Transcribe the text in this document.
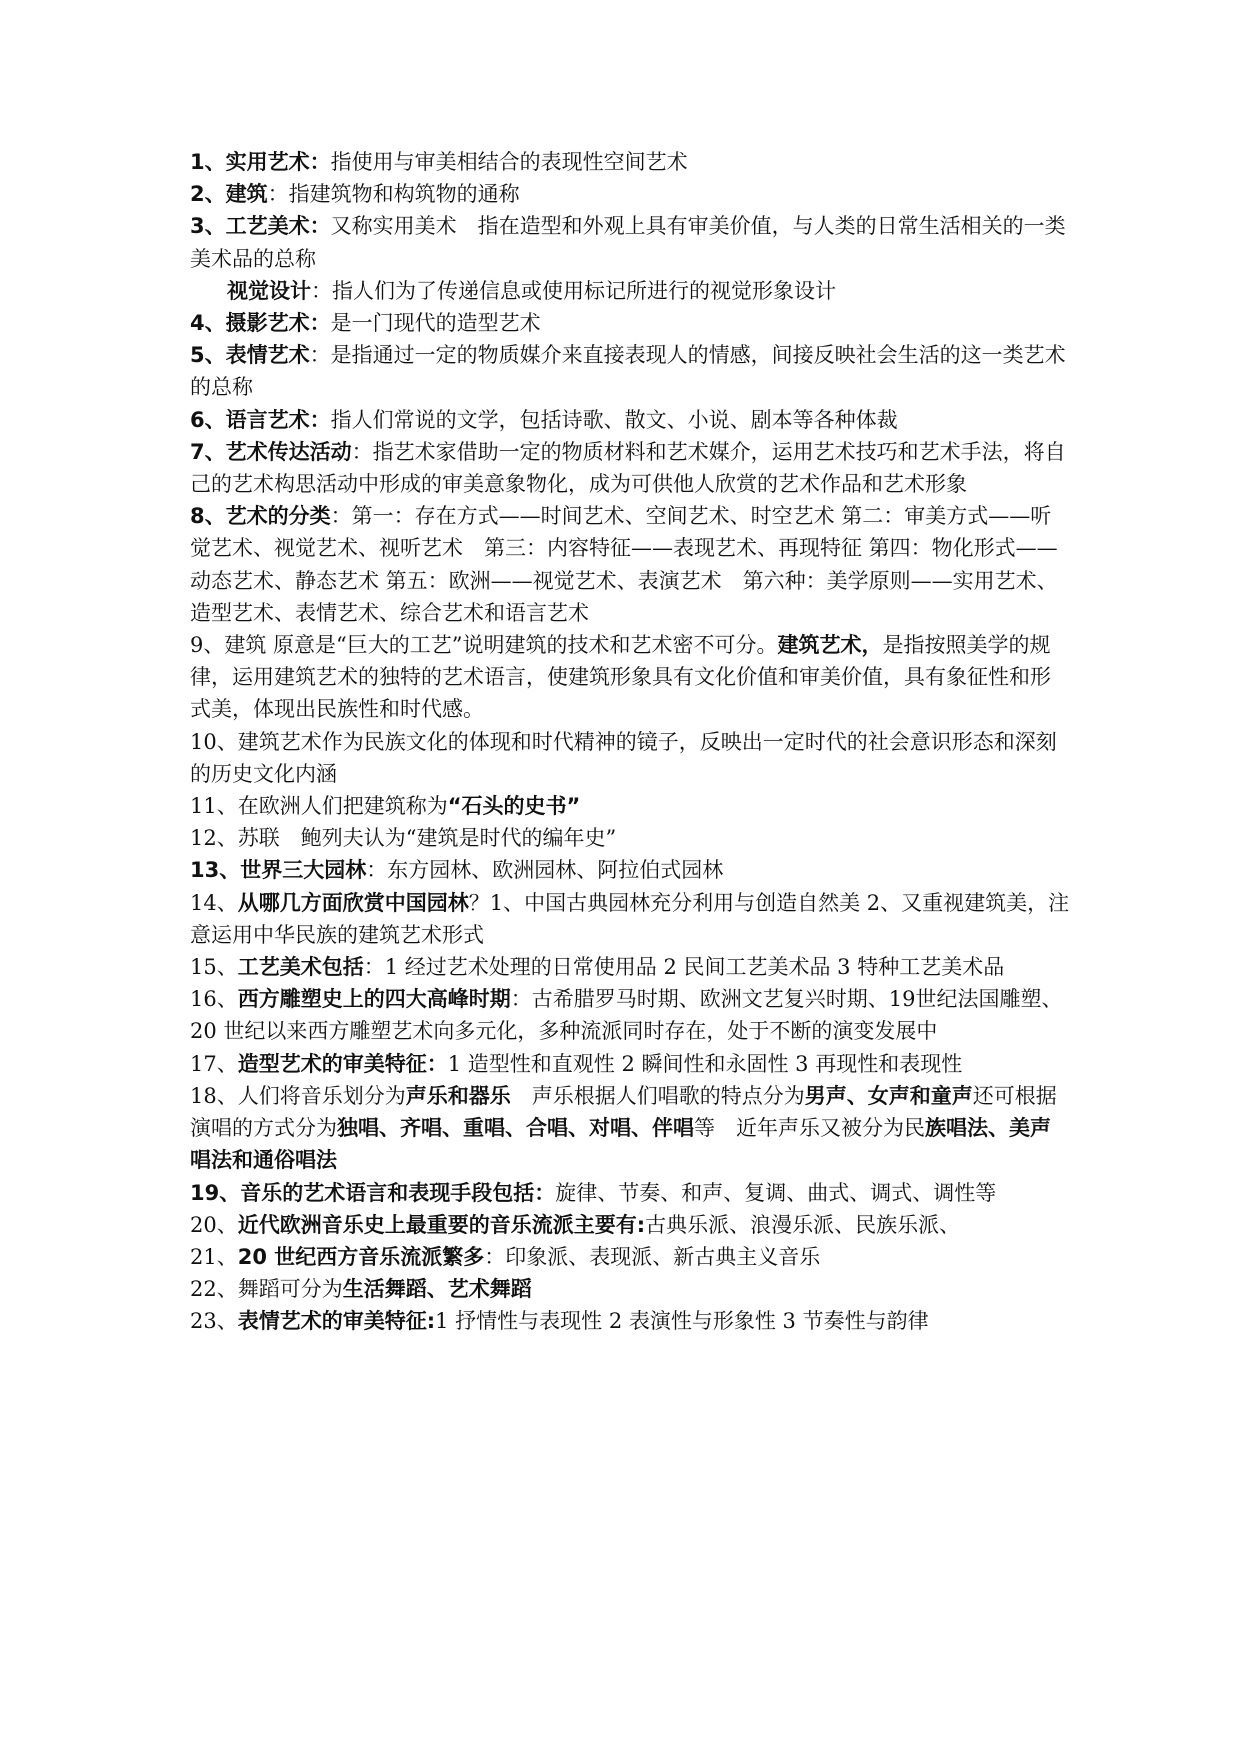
1、实用艺术：指使用与审美相结合的表现性空间艺术

2、建筑：指建筑物和构筑物的通称

3、工艺美术：又称实用美术　指在造型和外观上具有审美价值，与人类的日常生活相关的一类美术品的总称

视觉设计：指人们为了传递信息或使用标记所进行的视觉形象设计

4、摄影艺术：是一门现代的造型艺术

5、表情艺术：是指通过一定的物质媒介来直接表现人的情感，间接反映社会生活的这一类艺术的总称

6、语言艺术：指人们常说的文学，包括诗歌、散文、小说、剧本等各种体裁

7、艺术传达活动：指艺术家借助一定的物质材料和艺术媒介，运用艺术技巧和艺术手法，将自己的艺术构思活动中形成的审美意象物化，成为可供他人欣赏的艺术作品和艺术形象

8、艺术的分类：第一：存在方式——时间艺术、空间艺术、时空艺术 第二：审美方式——听觉艺术、视觉艺术、视听艺术　第三：内容特征——表现艺术、再现特征 第四：物化形式——动态艺术、静态艺术 第五：欧洲——视觉艺术、表演艺术　第六种：美学原则——实用艺术、造型艺术、表情艺术、综合艺术和语言艺术

9、建筑 原意是“巨大的工艺”说明建筑的技术和艺术密不可分。建筑艺术，是指按照美学的规律，运用建筑艺术的独特的艺术语言，使建筑形象具有文化价值和审美价值，具有象征性和形式美，体现出民族性和时代感。

10、建筑艺术作为民族文化的体现和时代精神的镜子，反映出一定时代的社会意识形态和深刻的历史文化内涵

11、在欧洲人们把建筑称为“石头的史书”

12、苏联　鲍列夫认为“建筑是时代的编年史”

13、世界三大园林：东方园林、欧洲园林、阿拉伯式园林

14、从哪几方面欣赏中国园林？1、中国古典园林充分利用与创造自然美 2、又重视建筑美，注意运用中华民族的建筑艺术形式

15、工艺美术包括：1 经过艺术处理的日常使用品 2 民间工艺美术品 3 特种工艺美术品

16、西方雕塑史上的四大高峰时期：古希腊罗马时期、欧洲文艺复兴时期、19世纪法国雕塑、20 世纪以来西方雕塑艺术向多元化，多种流派同时存在，处于不断的演变发展中

17、造型艺术的审美特征：1 造型性和直观性 2 瞬间性和永固性 3 再现性和表现性

18、人们将音乐划分为声乐和器乐　声乐根据人们唱歌的特点分为男声、女声和童声还可根据演唱的方式分为独唱、齐唱、重唱、合唱、对唱、伴唱等　近年声乐又被分为民族唱法、美声唱法和通俗唱法

19、音乐的艺术语言和表现手段包括：旋律、节奏、和声、复调、曲式、调式、调性等

20、近代欧洲音乐史上最重要的音乐流派主要有:古典乐派、浪漫乐派、民族乐派、

21、20 世纪西方音乐流派繁多：印象派、表现派、新古典主义音乐

22、舞蹈可分为生活舞蹈、艺术舞蹈

23、表情艺术的审美特征:1 抒情性与表现性 2 表演性与形象性 3 节奏性与韵律
